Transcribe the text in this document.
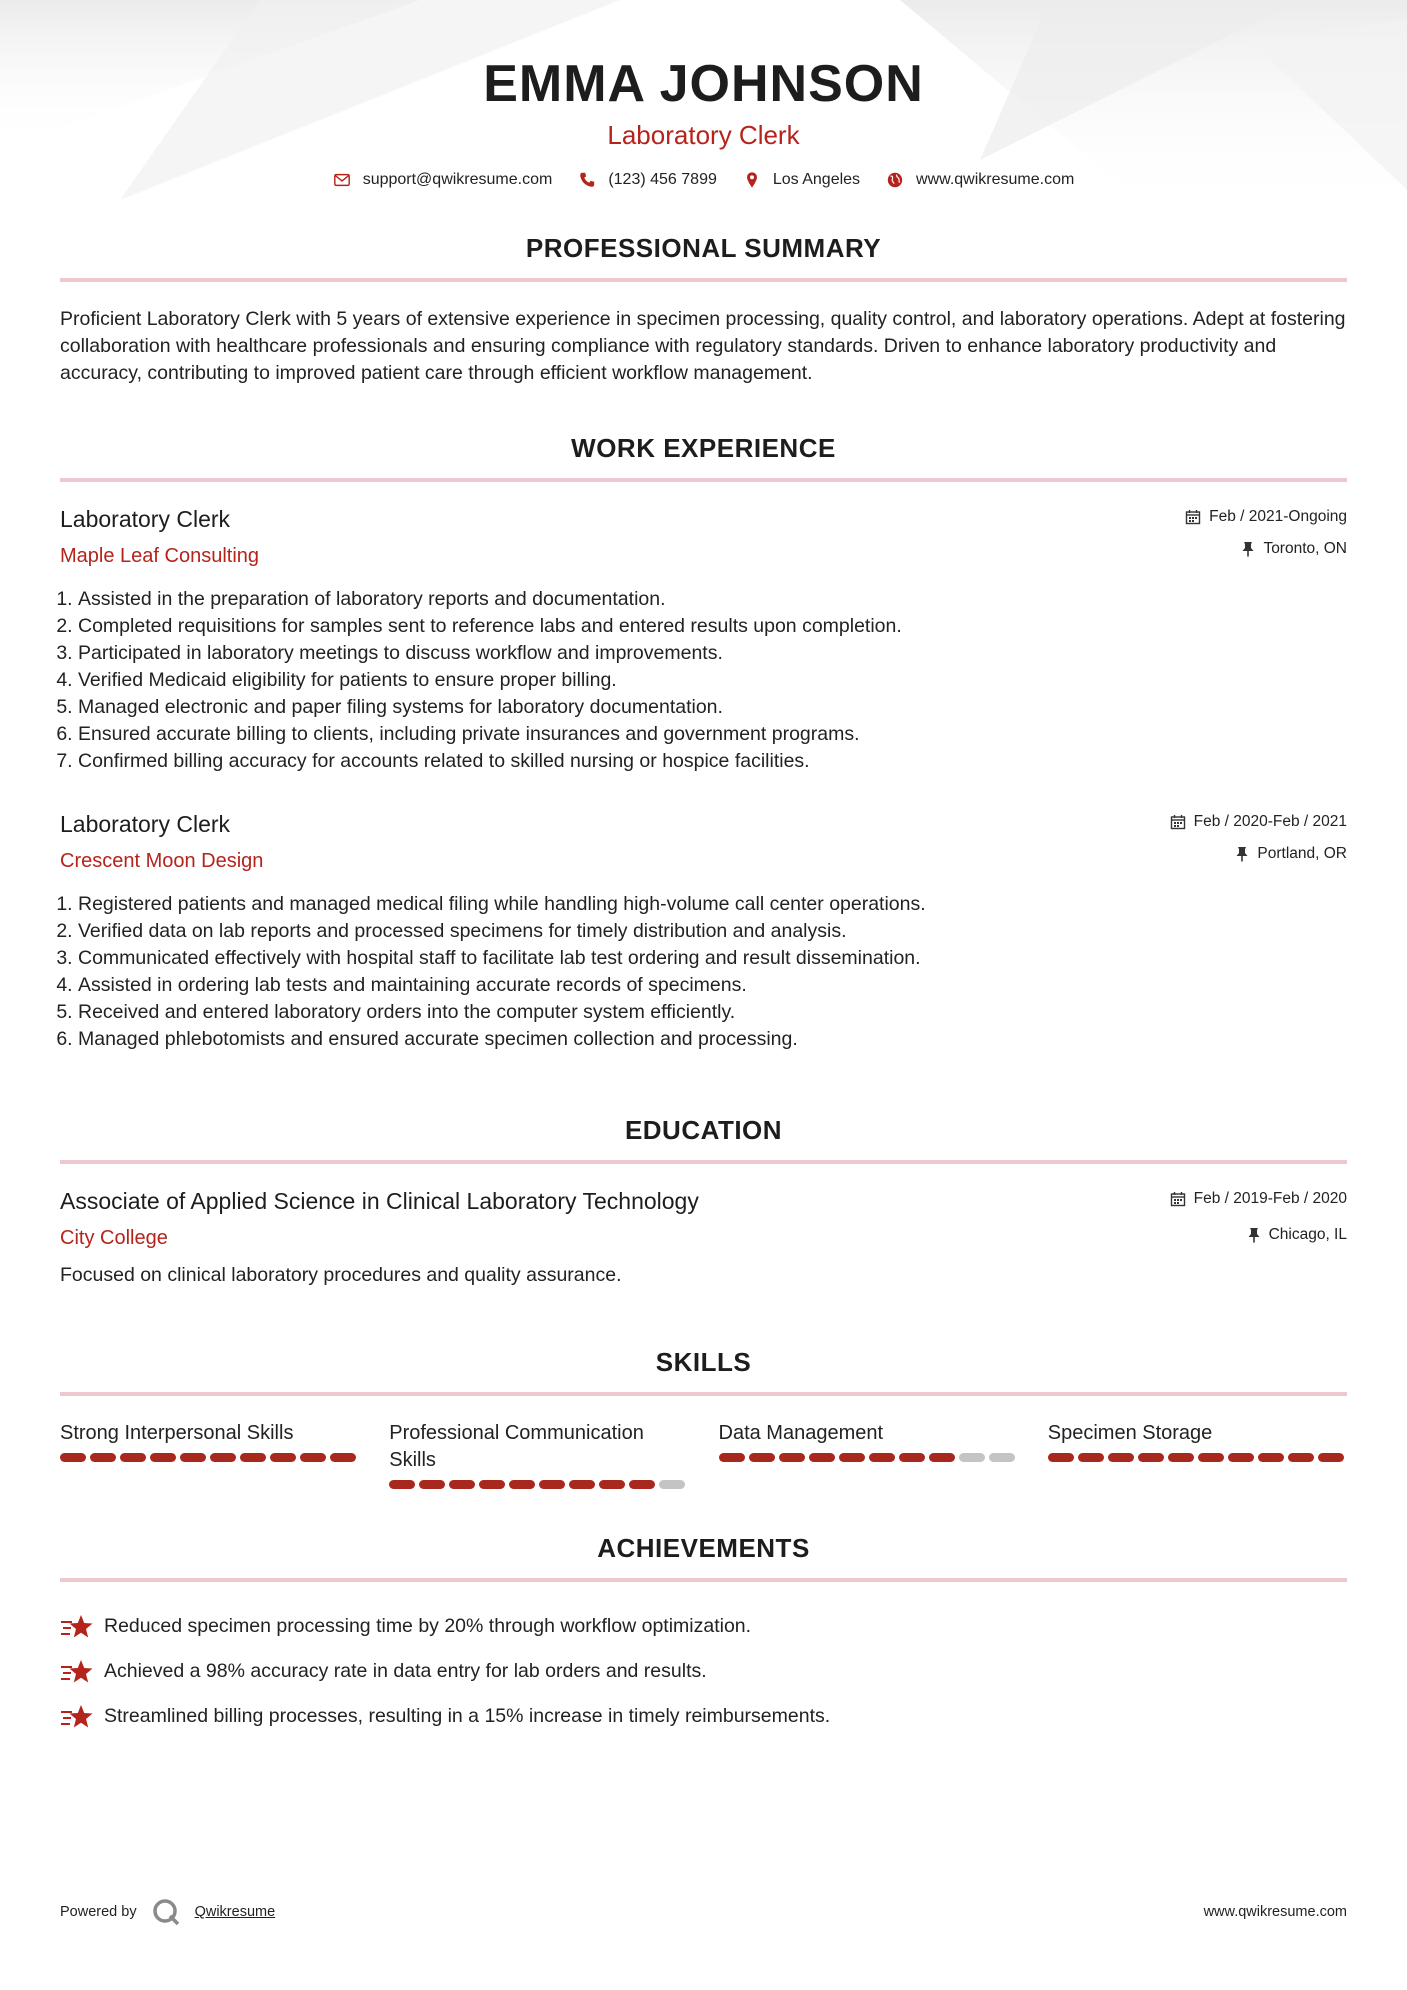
EMMA JOHNSON
Laboratory Clerk
support@qwikresume.com	(123) 456 7899	Los Angeles	www.qwikresume.com
PROFESSIONAL SUMMARY
Proficient Laboratory Clerk with 5 years of extensive experience in specimen processing, quality control, and laboratory operations. Adept at fostering collaboration with healthcare professionals and ensuring compliance with regulatory standards. Driven to enhance laboratory productivity and accuracy, contributing to improved patient care through efficient workflow management.
WORK EXPERIENCE
Laboratory Clerk
Maple Leaf Consulting
Feb / 2021-Ongoing
Toronto, ON
1. Assisted in the preparation of laboratory reports and documentation.
2. Completed requisitions for samples sent to reference labs and entered results upon completion.
3. Participated in laboratory meetings to discuss workflow and improvements.
4. Verified Medicaid eligibility for patients to ensure proper billing.
5. Managed electronic and paper filing systems for laboratory documentation.
6. Ensured accurate billing to clients, including private insurances and government programs.
7. Confirmed billing accuracy for accounts related to skilled nursing or hospice facilities.
Laboratory Clerk
Crescent Moon Design
Feb / 2020-Feb / 2021
Portland, OR
1. Registered patients and managed medical filing while handling high-volume call center operations.
2. Verified data on lab reports and processed specimens for timely distribution and analysis.
3. Communicated effectively with hospital staff to facilitate lab test ordering and result dissemination.
4. Assisted in ordering lab tests and maintaining accurate records of specimens.
5. Received and entered laboratory orders into the computer system efficiently.
6. Managed phlebotomists and ensured accurate specimen collection and processing.
EDUCATION
Associate of Applied Science in Clinical Laboratory Technology
City College
Feb / 2019-Feb / 2020
Chicago, IL
Focused on clinical laboratory procedures and quality assurance.
SKILLS
Strong Interpersonal Skills	Professional Communication Skills
Data Management	Specimen Storage
ACHIEVEMENTS
Reduced specimen processing time by 20% through workflow optimization.
Achieved a 98% accuracy rate in data entry for lab orders and results.
Streamlined billing processes, resulting in a 15% increase in timely reimbursements.
Powered by	Qwikresume	www.qwikresume.com
